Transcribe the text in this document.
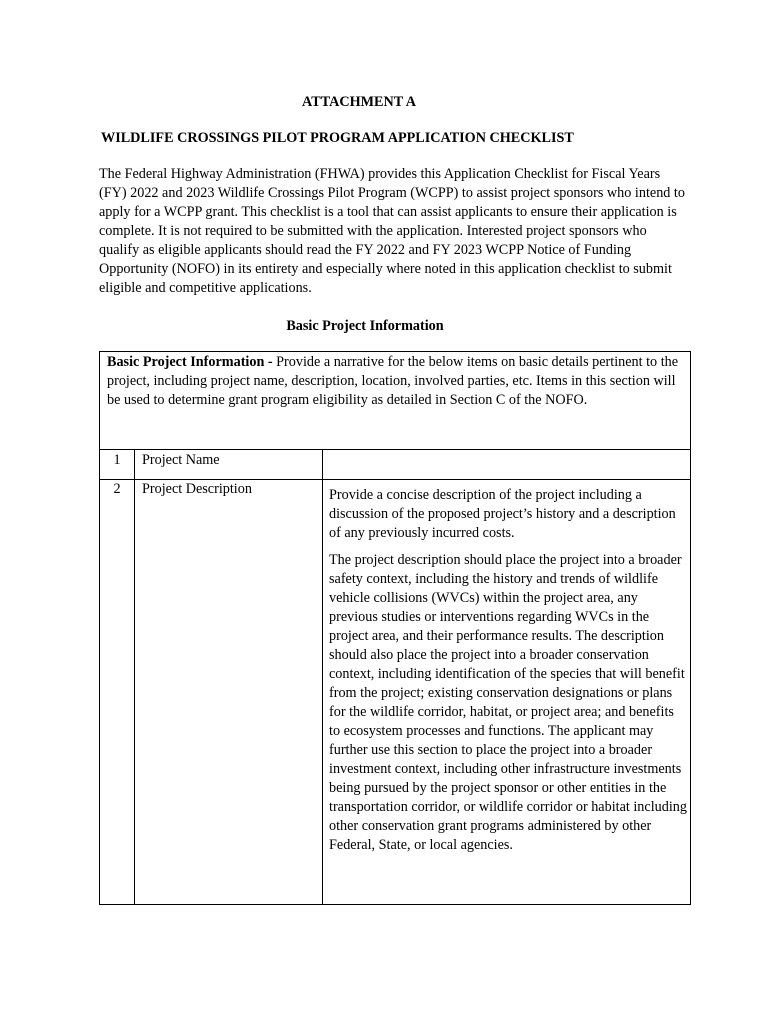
ATTACHMENT A
WILDLIFE CROSSINGS PILOT PROGRAM APPLICATION CHECKLIST

The Federal Highway Administration (FHWA) provides this Application Checklist for Fiscal Years (FY) 2022 and 2023 Wildlife Crossings Pilot Program (WCPP) to assist project sponsors who intend to apply for a WCPP grant. This checklist is a tool that can assist applicants to ensure their application is complete. It is not required to be submitted with the application. Interested project sponsors who qualify as eligible applicants should read the FY 2022 and FY 2023 WCPP Notice of Funding Opportunity (NOFO) in its entirety and especially where noted in this application checklist to submit eligible and competitive applications.

Basic Project Information

Basic Project Information - Provide a narrative for the below items on basic details pertinent to the project, including project name, description, location, involved parties, etc. Items in this section will be used to determine grant program eligibility as detailed in Section C of the NOFO.

1	Project Name
2	Project Description	Provide a concise description of the project including a discussion of the proposed project’s history and a description of any previously incurred costs.

The project description should place the project into a broader safety context, including the history and trends of wildlife vehicle collisions (WVCs) within the project area, any previous studies or interventions regarding WVCs in the project area, and their performance results. The description should also place the project into a broader conservation context, including identification of the species that will benefit from the project; existing conservation designations or plans for the wildlife corridor, habitat, or project area; and benefits to ecosystem processes and functions. The applicant may further use this section to place the project into a broader investment context, including other infrastructure investments being pursued by the project sponsor or other entities in the transportation corridor, or wildlife corridor or habitat including other conservation grant programs administered by other Federal, State, or local agencies.
